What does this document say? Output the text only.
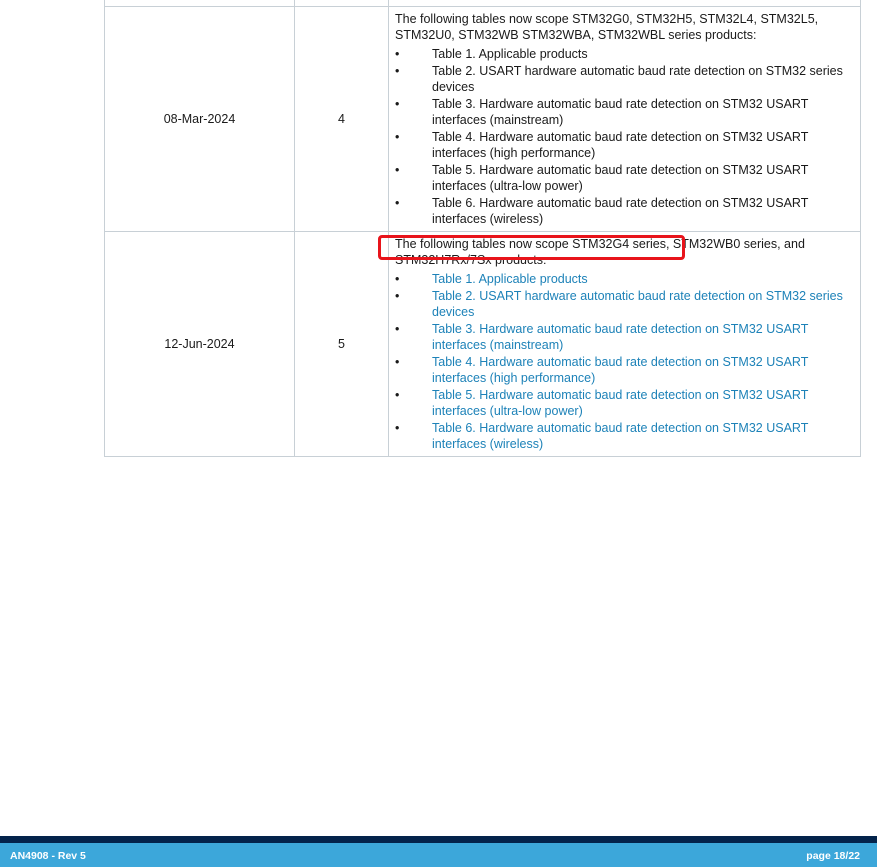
08-Mar-2024	4	

The following tables now scope STM32G0, STM32H5, STM32L4, STM32L5, STM32U0, STM32WB STM32WBA, STM32WBL series products:

•	Table 1. Applicable products
•	Table 2. USART hardware automatic baud rate detection on STM32 series devices
•	Table 3. Hardware automatic baud rate detection on STM32 USART interfaces (mainstream)
•	Table 4. Hardware automatic baud rate detection on STM32 USART interfaces (high performance)
•	Table 5. Hardware automatic baud rate detection on STM32 USART interfaces (ultra-low power)
•	Table 6. Hardware automatic baud rate detection on STM32 USART interfaces (wireless)

12-Jun-2024	5	

The following tables now scope STM32G4 series, STM32WB0 series, and STM32H7Rx/7Sx products:

•	Table 1. Applicable products
•	Table 2. USART hardware automatic baud rate detection on STM32 series devices
•	Table 3. Hardware automatic baud rate detection on STM32 USART interfaces (mainstream)
•	Table 4. Hardware automatic baud rate detection on STM32 USART interfaces (high performance)
•	Table 5. Hardware automatic baud rate detection on STM32 USART interfaces (ultra-low power)
•	Table 6. Hardware automatic baud rate detection on STM32 USART interfaces (wireless)
AN4908 - Rev 5	page 18/22
